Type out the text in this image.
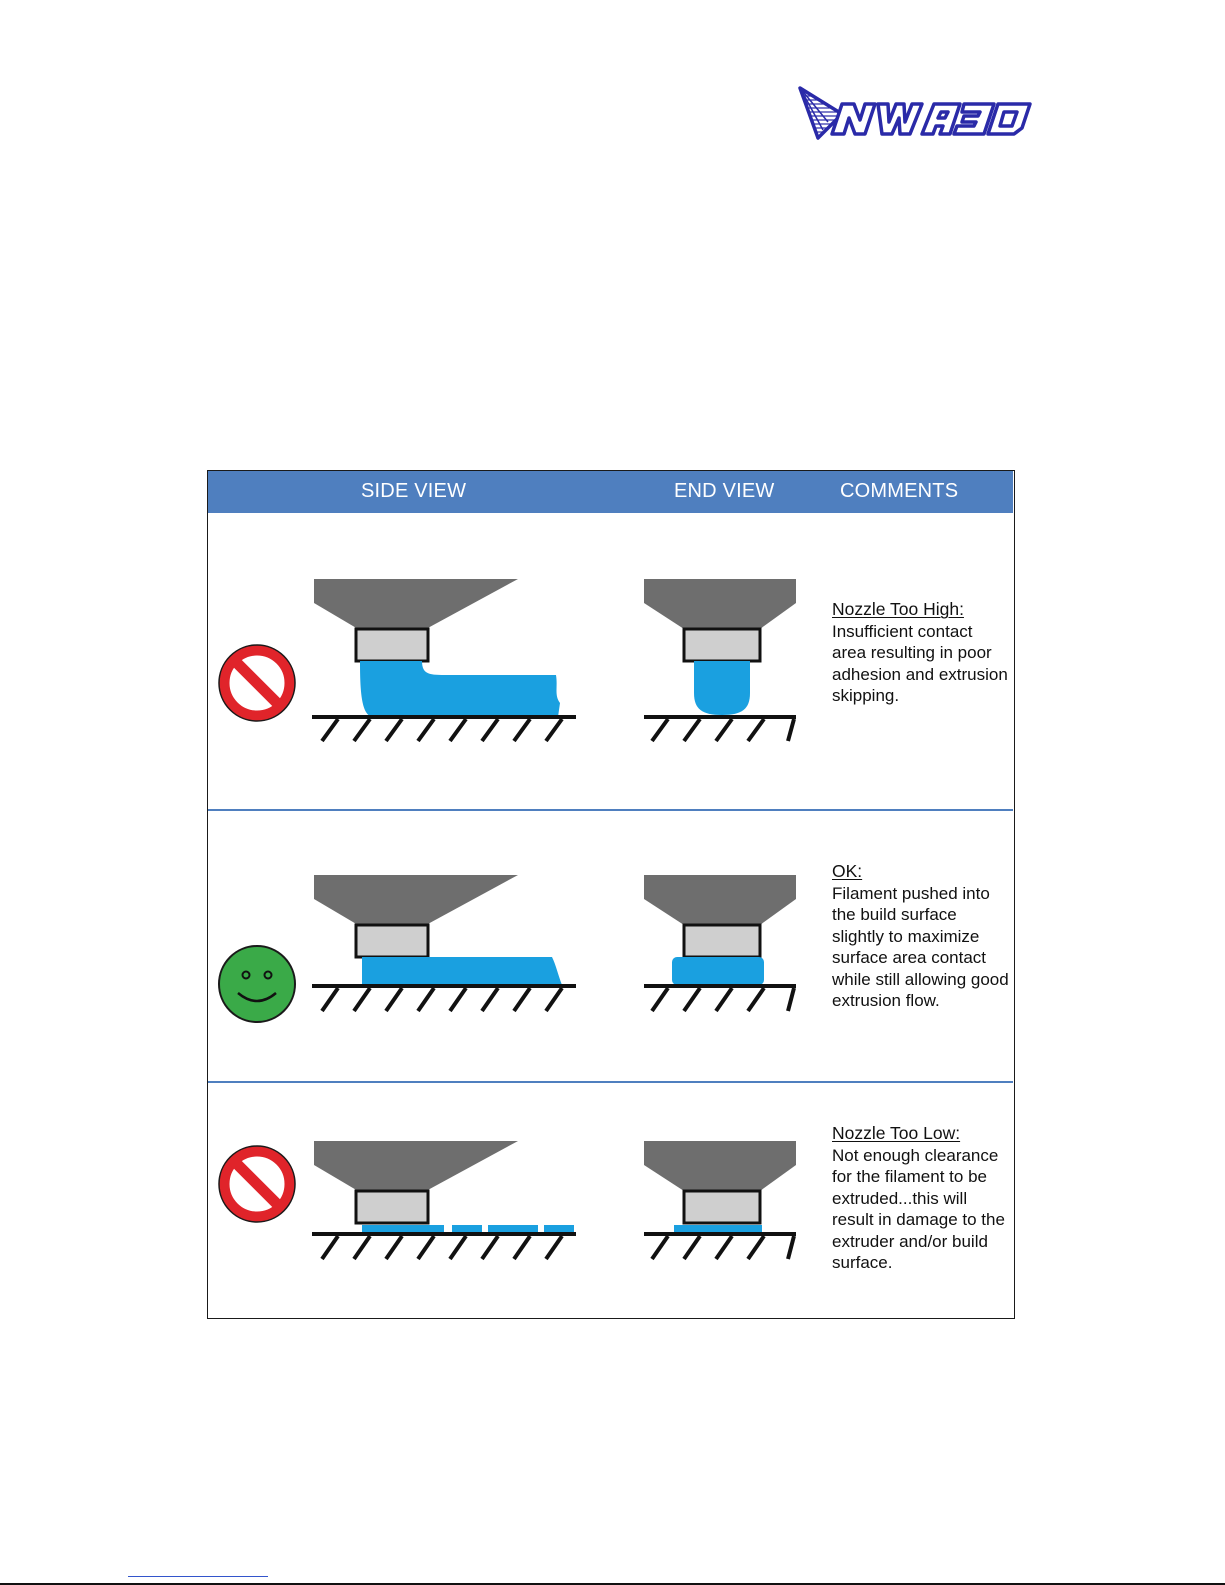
SIDE VIEW	END VIEW	COMMENTS
Nozzle Too High:
Insufficient contact area resulting in poor adhesion and extrusion skipping.
OK:
Filament pushed into the build surface slightly to maximize surface area contact while still allowing good extrusion flow.
Nozzle Too Low:
Not enough clearance for the filament to be extruded...this will result in damage to the extruder and/or build surface.
